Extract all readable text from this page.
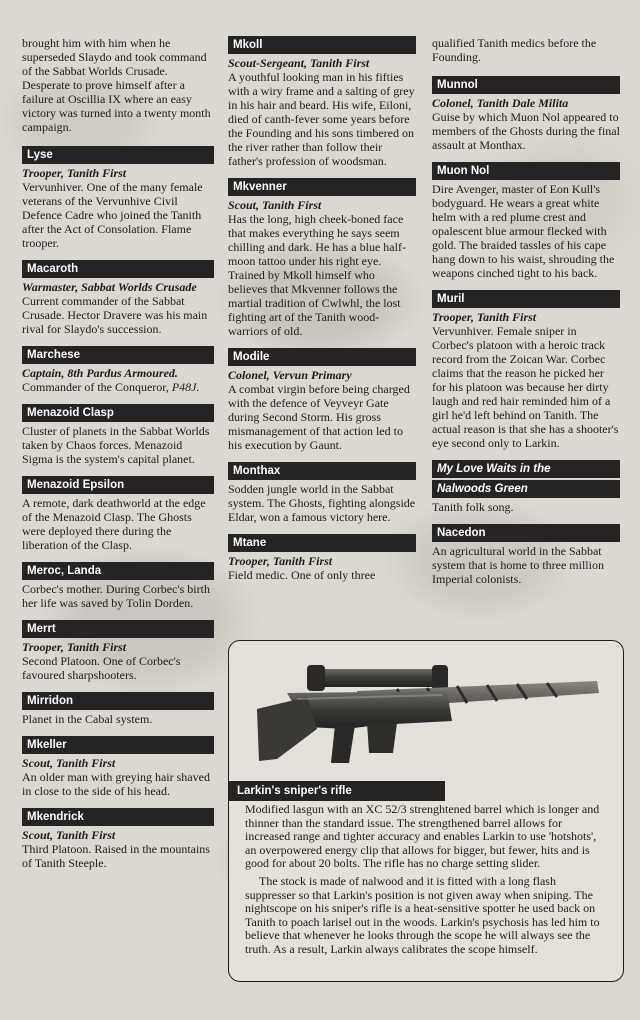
brought him with him when he superseded Slaydo and took command of the Sabbat Worlds Crusade. Desperate to prove himself after a failure at Oscillia IX where an easy victory was turned into a twenty month campaign.
Lyse
Trooper, Tanith First
Vervunhiver. One of the many female veterans of the Vervunhive Civil Defence Cadre who joined the Tanith after the Act of Consolation. Flame trooper.
Macaroth
Warmaster, Sabbat Worlds Crusade
Current commander of the Sabbat Crusade. Hector Dravere was his main rival for Slaydo's succession.
Marchese
Captain, 8th Pardus Armoured.
Commander of the Conqueror, P48J.
Menazoid Clasp
Cluster of planets in the Sabbat Worlds taken by Chaos forces. Menazoid Sigma is the system's capital planet.
Menazoid Epsilon
A remote, dark deathworld at the edge of the Menazoid Clasp. The Ghosts were deployed there during the liberation of the Clasp.
Meroc, Landa
Corbec's mother. During Corbec's birth her life was saved by Tolin Dorden.
Merrt
Trooper, Tanith First
Second Platoon. One of Corbec's favoured sharpshooters.
Mirridon
Planet in the Cabal system.
Mkeller
Scout, Tanith First
An older man with greying hair shaved in close to the side of his head.
Mkendrick
Scout, Tanith First
Third Platoon. Raised in the mountains of Tanith Steeple.
Mkoll
Scout-Sergeant, Tanith First
A youthful looking man in his fifties with a wiry frame and a salting of grey in his hair and beard. His wife, Eiloni, died of canth-fever some years before the Founding and his sons timbered on the river rather than follow their father's profession of woodsman.
Mkvenner
Scout, Tanith First
Has the long, high cheek-boned face that makes everything he says seem chilling and dark. He has a blue half-moon tattoo under his right eye. Trained by Mkoll himself who believes that Mkvenner follows the martial tradition of Cwlwhl, the lost fighting art of the Tanith wood-warriors of old.
Modile
Colonel, Vervun Primary
A combat virgin before being charged with the defence of Veyveyr Gate during Second Storm. His gross mismanagement of that action led to his execution by Gaunt.
Monthax
Sodden jungle world in the Sabbat system. The Ghosts, fighting alongside Eldar, won a famous victory here.
Mtane
Trooper, Tanith First
Field medic. One of only three
qualified Tanith medics before the Founding.
Munnol
Colonel, Tanith Dale Milita
Guise by which Muon Nol appeared to members of the Ghosts during the final assault at Monthax.
Muon Nol
Dire Avenger, master of Eon Kull's bodyguard. He wears a great white helm with a red plume crest and opalescent blue armour flecked with gold. The braided tassles of his cape hang down to his waist, shrouding the weapons cinched tight to his back.
Muril
Trooper, Tanith First
Vervunhiver. Female sniper in Corbec's platoon with a heroic track record from the Zoican War. Corbec claims that the reason he picked her for his platoon was because her dirty laugh and red hair reminded him of a girl he'd left behind on Tanith. The actual reason is that she has a shooter's eye second only to Larkin.
My Love Waits in the
Nalwoods Green
Tanith folk song.
Nacedon
An agricultural world in the Sabbat system that is home to three million Imperial colonists.
Larkin's sniper's rifle

Modified lasgun with an XC 52/3 strenghtened barrel which is longer and thinner than the standard issue. The strengthened barrel allows for increased range and tighter accuracy and enables Larkin to use 'hotshots', an overpowered energy clip that allows for bigger, but fewer, hits and is good for about 20 bolts. The rifle has no charge setting slider.

The stock is made of nalwood and it is fitted with a long flash suppresser so that Larkin's position is not given away when sniping. The nightscope on his sniper's rifle is a heat-sensitive spotter he used back on Tanith to poach larisel out in the woods. Larkin's psychosis has led him to believe that whenever he looks through the scope he will always see the truth. As a result, Larkin always calibrates the scope himself.
